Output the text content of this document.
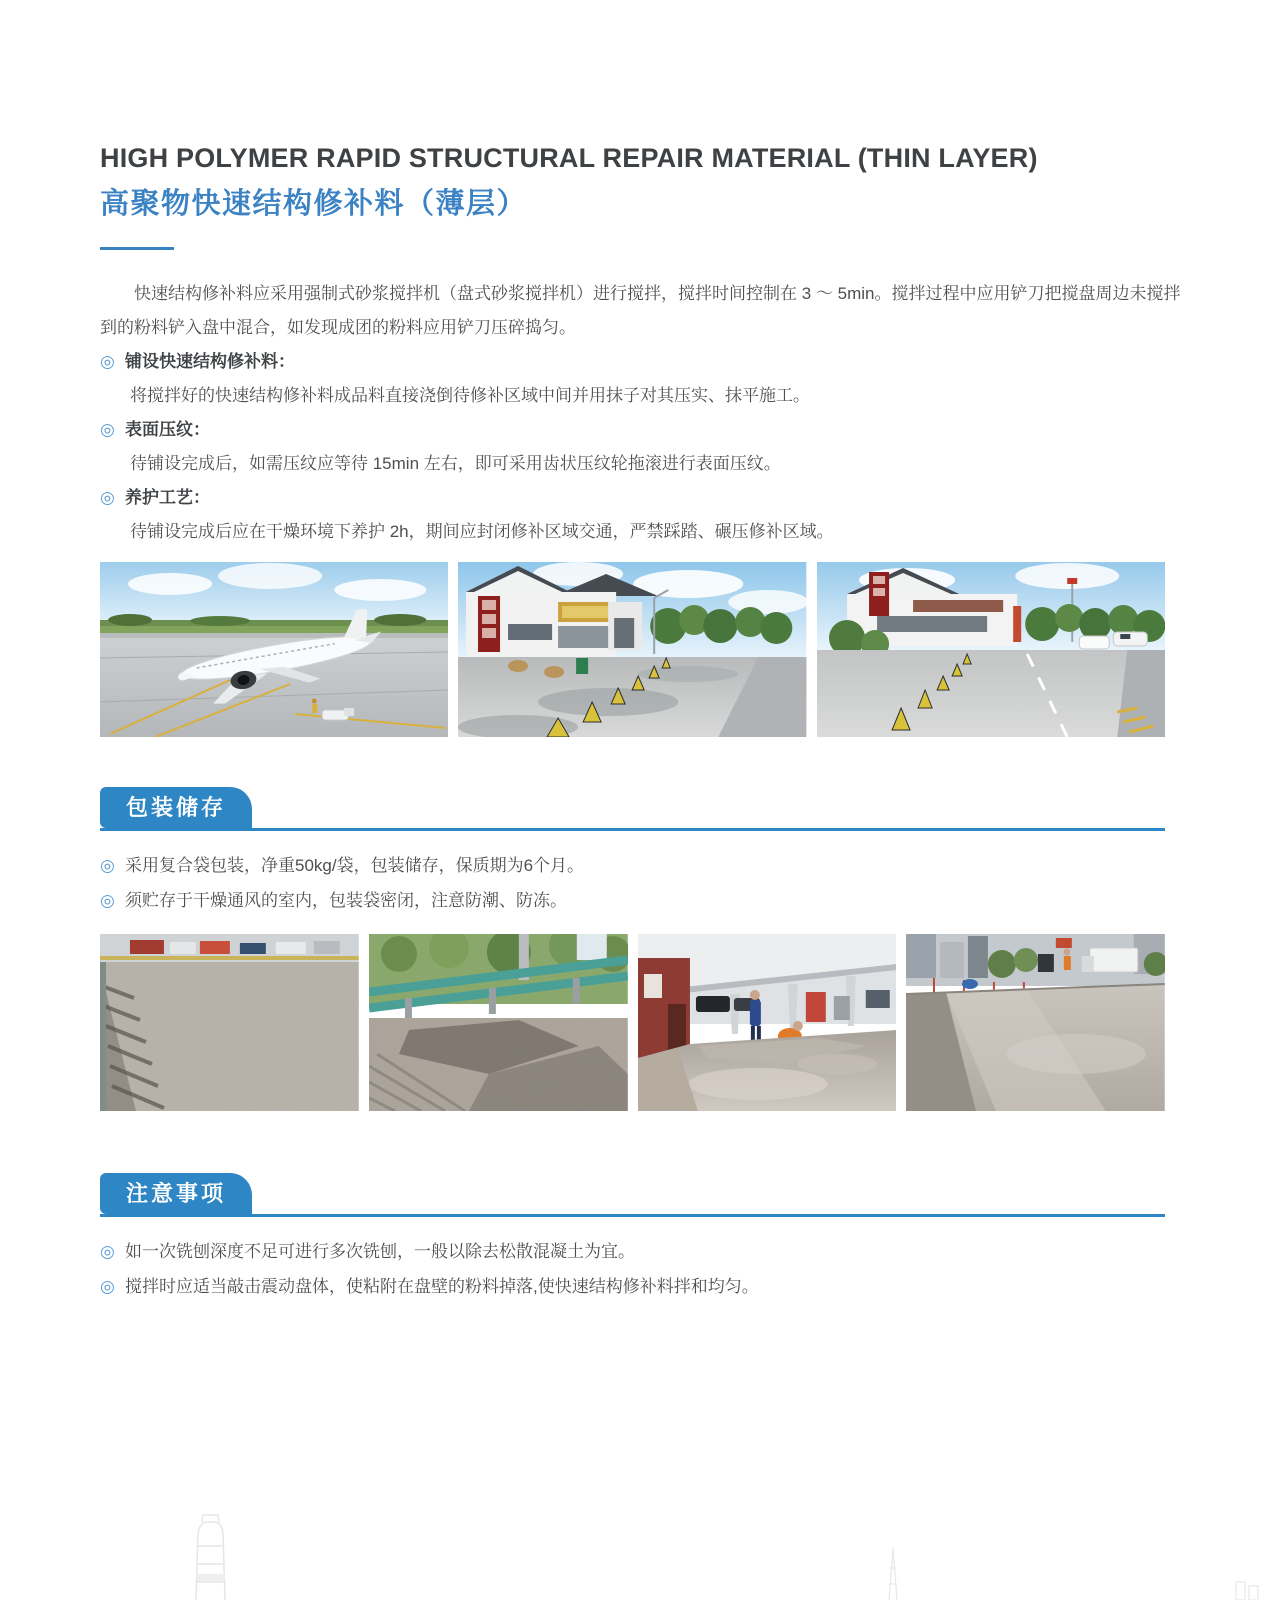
HIGH POLYMER RAPID STRUCTURAL REPAIR MATERIAL (THIN LAYER)
高聚物快速结构修补料（薄层）

快速结构修补料应采用强制式砂浆搅拌机（盘式砂浆搅拌机）进行搅拌，搅拌时间控制在 3 ～ 5min。搅拌过程中应用铲刀把搅盘周边未搅拌到的粉料铲入盘中混合，如发现成团的粉料应用铲刀压碎捣匀。

◎ 铺设快速结构修补料：

将搅拌好的快速结构修补料成品料直接浇倒待修补区域中间并用抹子对其压实、抹平施工。

◎ 表面压纹：

待铺设完成后，如需压纹应等待 15min 左右，即可采用齿状压纹轮拖滚进行表面压纹。

◎ 养护工艺：

待铺设完成后应在干燥环境下养护 2h，期间应封闭修补区域交通，严禁踩踏、碾压修补区域。

包装储存
◎ 采用复合袋包装，净重50kg/袋，包装储存，保质期为6个月。
◎ 须贮存于干燥通风的室内，包装袋密闭，注意防潮、防冻。
注意事项
◎ 如一次铣刨深度不足可进行多次铣刨，一般以除去松散混凝土为宜。
◎ 搅拌时应适当敲击震动盘体，使粘附在盘壁的粉料掉落,使快速结构修补料拌和均匀。
